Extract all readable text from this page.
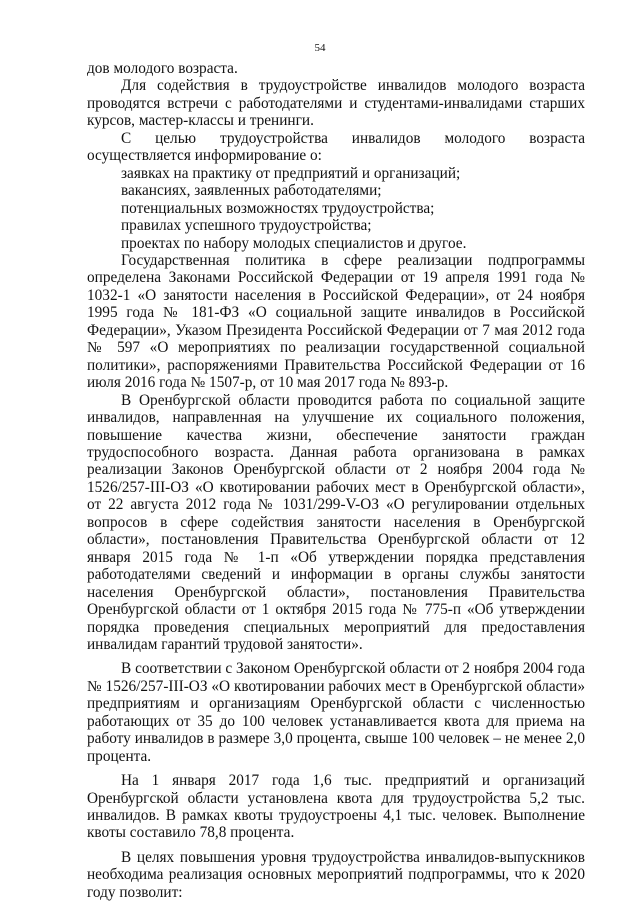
54

дов молодого возраста.

Для содействия в трудоустройстве инвалидов молодого возраста проводятся встречи с работодателями и студентами-инвалидами старших курсов, мастер-классы и тренинги.

С целью трудоустройства инвалидов молодого возраста осуществляется информирование о:

заявках на практику от предприятий и организаций;

вакансиях, заявленных работодателями;

потенциальных возможностях трудоустройства;

правилах успешного трудоустройства;

проектах по набору молодых специалистов и другое.

Государственная политика в сфере реализации подпрограммы определена Законами Российской Федерации от 19 апреля 1991 года № 1032-1 «О занятости населения в Российской Федерации», от 24 ноября 1995 года № 181-ФЗ «О социальной защите инвалидов в Российской Федерации», Указом Президента Российской Федерации от 7 мая 2012 года № 597 «О мероприятиях по реализации государственной социальной политики», распоряжениями Правительства Российской Федерации от 16 июля 2016 года № 1507-р, от 10 мая 2017 года № 893-р.

В Оренбургской области проводится работа по социальной защите инвалидов, направленная на улучшение их социального положения, повышение качества жизни, обеспечение занятости граждан трудоспособного возраста. Данная работа организована в рамках реализации Законов Оренбургской области от 2 ноября 2004 года № 1526/257-III-ОЗ «О квотировании рабочих мест в Оренбургской области», от 22 августа 2012 года № 1031/299-V-ОЗ «О регулировании отдельных вопросов в сфере содействия занятости населения в Оренбургской области», постановления Правительства Оренбургской области от 12 января 2015 года № 1-п «Об утверждении порядка представления работодателями сведений и информации в органы службы занятости населения Оренбургской области», постановления Правительства Оренбургской области от 1 октября 2015 года № 775-п «Об утверждении порядка проведения специальных мероприятий для предоставления инвалидам гарантий трудовой занятости».

В соответствии с Законом Оренбургской области от 2 ноября 2004 года № 1526/257-III-ОЗ «О квотировании рабочих мест в Оренбургской области» предприятиям и организациям Оренбургской области с численностью работающих от 35 до 100 человек устанавливается квота для приема на работу инвалидов в размере 3,0 процента, свыше 100 человек – не менее 2,0 процента.

На 1 января 2017 года 1,6 тыс. предприятий и организаций Оренбургской области установлена квота для трудоустройства 5,2 тыс. инвалидов. В рамках квоты трудоустроены 4,1 тыс. человек. Выполнение квоты составило 78,8 процента.

В целях повышения уровня трудоустройства инвалидов-выпускников необходима реализация основных мероприятий подпрограммы, что к 2020 году позволит:
